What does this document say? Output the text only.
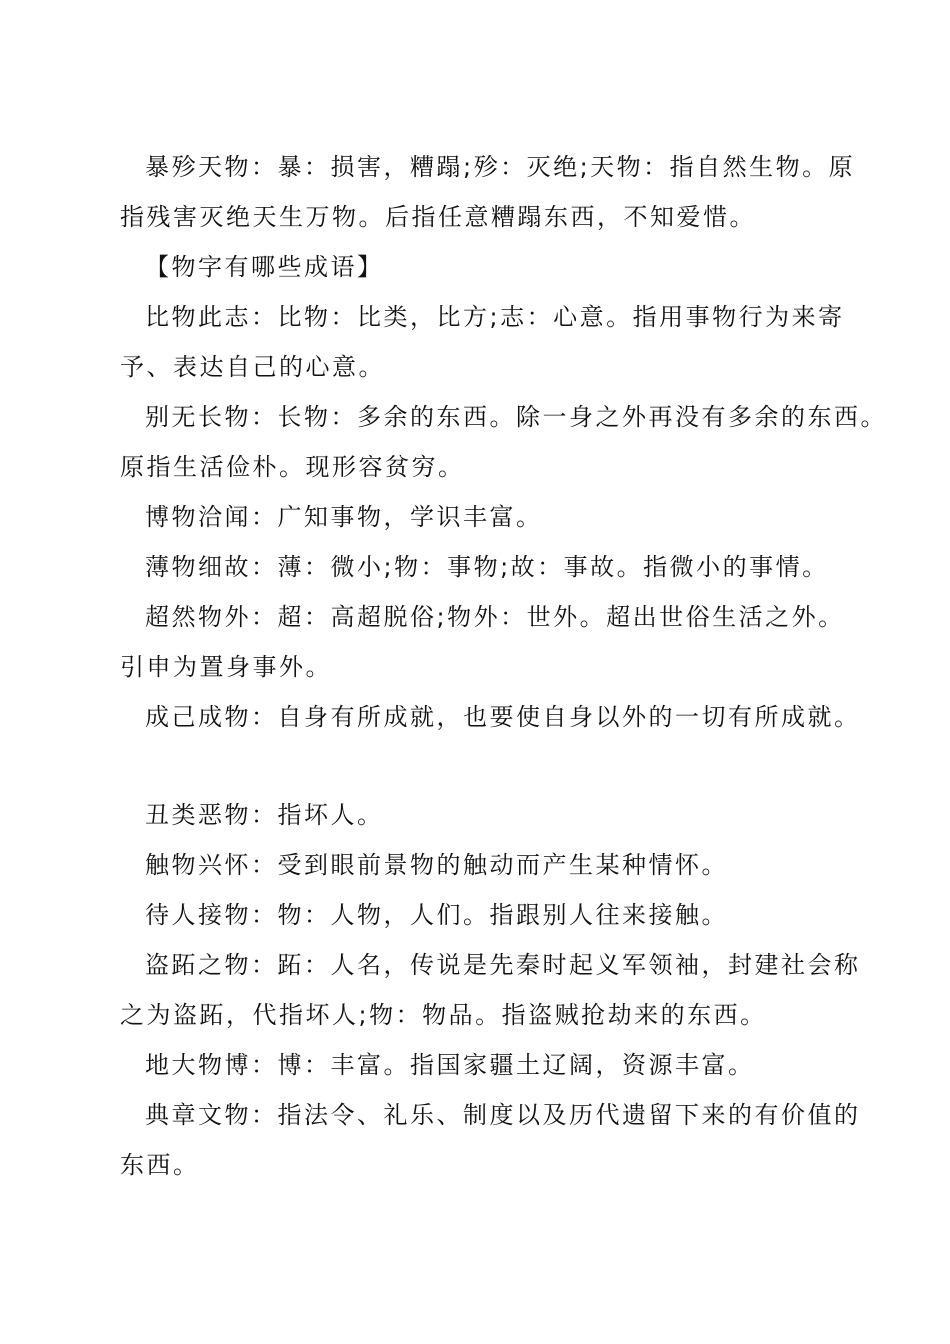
暴殄天物：暴：损害，糟蹋;殄：灭绝;天物：指自然生物。原
指残害灭绝天生万物。后指任意糟蹋东西，不知爱惜。
【物字有哪些成语】
比物此志：比物：比类，比方;志：心意。指用事物行为来寄
予、表达自己的心意。
别无长物：长物：多余的东西。除一身之外再没有多余的东西。
原指生活俭朴。现形容贫穷。
博物洽闻：广知事物，学识丰富。
薄物细故：薄：微小;物：事物;故：事故。指微小的事情。
超然物外：超：高超脱俗;物外：世外。超出世俗生活之外。
引申为置身事外。
成己成物：自身有所成就，也要使自身以外的一切有所成就。
丑类恶物：指坏人。
触物兴怀：受到眼前景物的触动而产生某种情怀。
待人接物：物：人物，人们。指跟别人往来接触。
盗跖之物：跖：人名，传说是先秦时起义军领袖，封建社会称
之为盗跖，代指坏人;物：物品。指盗贼抢劫来的东西。
地大物博：博：丰富。指国家疆土辽阔，资源丰富。
典章文物：指法令、礼乐、制度以及历代遗留下来的有价值的
东西。
